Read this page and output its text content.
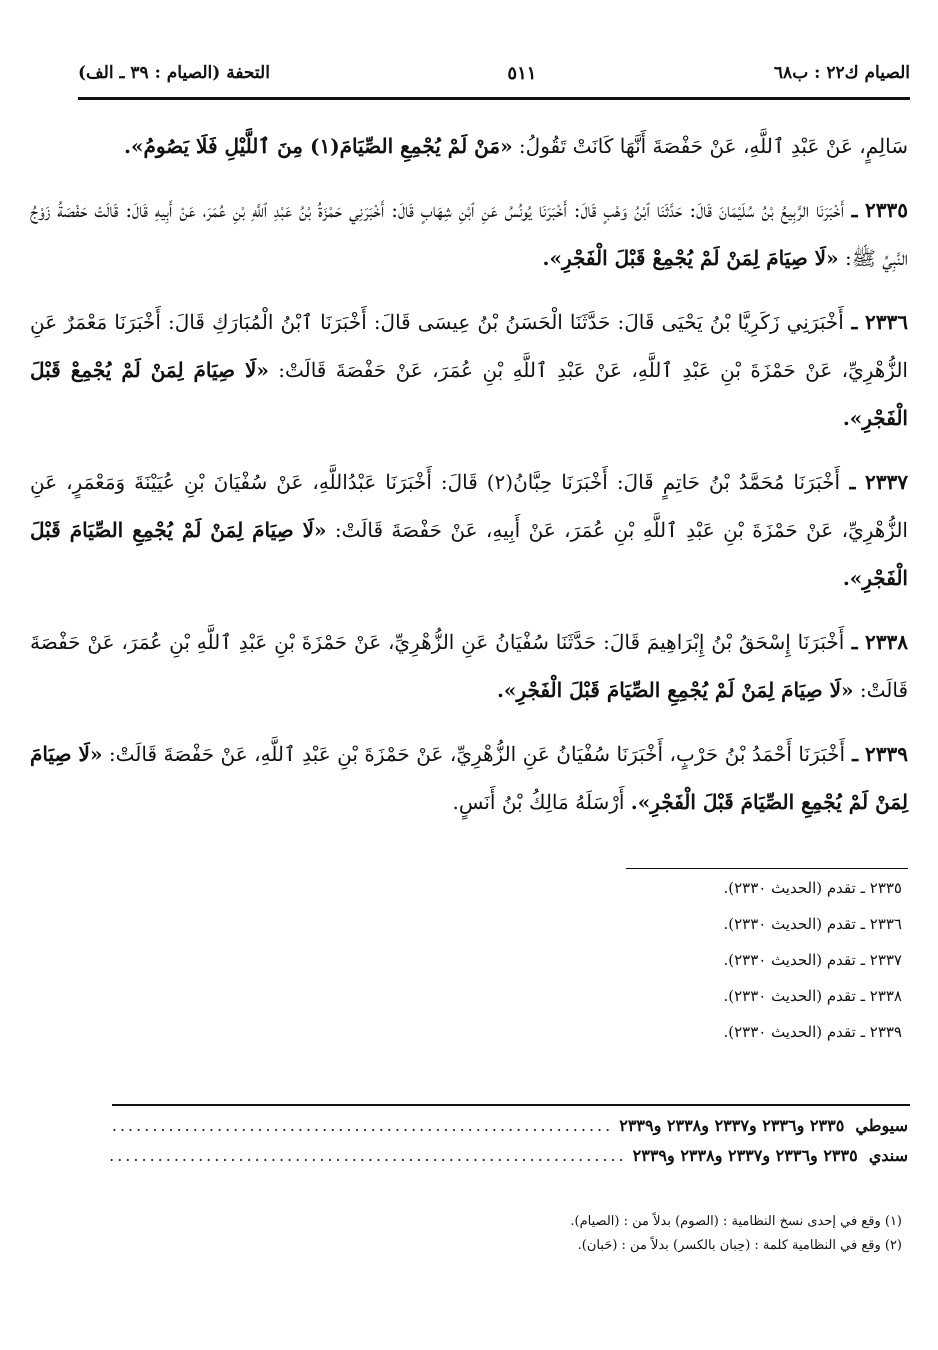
الصيام ك٢٢ : ب٦٨
٥١١
التحفة (الصيام : ٣٩ ـ الف)

سَالِمٍ، عَنْ عَبْدِ ٱللَّهِ، عَنْ حَفْصَةَ أَنَّهَا كَانَتْ تَقُولُ: «مَنْ لَمْ يُجْمِعِ الصِّيَامَ(١) مِنَ ٱللَّيْلِ فَلَا يَصُومُ».

٢٣٣٥ ـ أَخْبَرَنَا الرَّبِيعُ بْنُ سُلَيْمَانَ قَالَ: حَدَّثَنَا ٱبْنُ وَهْبٍ قَالَ: أَخْبَرَنَا يُونُسُ عَنِ ٱبْنِ شِهَابٍ قَالَ: أَخْبَرَنِي حَمْزَةُ بْنُ عَبْدِ ٱللَّهِ بْنِ عُمَرَ، عَنْ أَبِيهِ قَالَ: قَالَتْ حَفْصَةُ زَوْجُ النَّبِيِّ ﷺ: «لَا صِيَامَ لِمَنْ لَمْ يُجْمِعْ قَبْلَ الْفَجْرِ».

٢٣٣٦ ـ أَخْبَرَنِي زَكَرِيَّا بْنُ يَحْيَى قَالَ: حَدَّثَنَا الْحَسَنُ بْنُ عِيسَى قَالَ: أَخْبَرَنَا ٱبْنُ الْمُبَارَكِ قَالَ: أَخْبَرَنَا مَعْمَرٌ عَنِ الزُّهْرِيِّ، عَنْ حَمْزَةَ بْنِ عَبْدِ ٱللَّهِ، عَنْ عَبْدِ ٱللَّهِ بْنِ عُمَرَ، عَنْ حَفْصَةَ قَالَتْ: «لَا صِيَامَ لِمَنْ لَمْ يُجْمِعْ قَبْلَ الْفَجْرِ».

٢٣٣٧ ـ أَخْبَرَنَا مُحَمَّدُ بْنُ حَاتِمٍ قَالَ: أَخْبَرَنَا حِبَّانُ(٢) قَالَ: أَخْبَرَنَا عَبْدُاللَّهِ، عَنْ سُفْيَانَ بْنِ عُيَيْنَةَ وَمَعْمَرٍ، عَنِ الزُّهْرِيِّ، عَنْ حَمْزَةَ بْنِ عَبْدِ ٱللَّهِ بْنِ عُمَرَ، عَنْ أَبِيهِ، عَنْ حَفْصَةَ قَالَتْ: «لَا صِيَامَ لِمَنْ لَمْ يُجْمِعِ الصِّيَامَ قَبْلَ الْفَجْرِ».

٢٣٣٨ ـ أَخْبَرَنَا إِسْحَقُ بْنُ إِبْرَاهِيمَ قَالَ: حَدَّثَنَا سُفْيَانُ عَنِ الزُّهْرِيِّ، عَنْ حَمْزَةَ بْنِ عَبْدِ ٱللَّهِ بْنِ عُمَرَ، عَنْ حَفْصَةَ قَالَتْ: «لَا صِيَامَ لِمَنْ لَمْ يُجْمِعِ الصِّيَامَ قَبْلَ الْفَجْرِ».

٢٣٣٩ ـ أَخْبَرَنَا أَحْمَدُ بْنُ حَرْبٍ، أَخْبَرَنَا سُفْيَانُ عَنِ الزُّهْرِيِّ، عَنْ حَمْزَةَ بْنِ عَبْدِ ٱللَّهِ، عَنْ حَفْصَةَ قَالَتْ: «لَا صِيَامَ لِمَنْ لَمْ يُجْمِعِ الصِّيَامَ قَبْلَ الْفَجْرِ». أَرْسَلَهُ مَالِكُ بْنُ أَنَسٍ.

٢٣٣٥ ـ تقدم (الحديث ٢٣٣٠).
٢٣٣٦ ـ تقدم (الحديث ٢٣٣٠).
٢٣٣٧ ـ تقدم (الحديث ٢٣٣٠).
٢٣٣٨ ـ تقدم (الحديث ٢٣٣٠).
٢٣٣٩ ـ تقدم (الحديث ٢٣٣٠).
سيوطي

٢٣٣٥ و٢٣٣٦ و٢٣٣٧ و٢٣٣٨ و٢٣٣٩
.....
سندي

٢٣٣٥ و٢٣٣٦ و٢٣٣٧ و٢٣٣٨ و٢٣٣٩
.....
(١) وقع في إحدى نسخ النظامية : (الصوم) بدلاً من : (الصيام).
(٢) وقع في النظامية كلمة : (حِبان بالكسر) بدلاً من : (حَبان).
